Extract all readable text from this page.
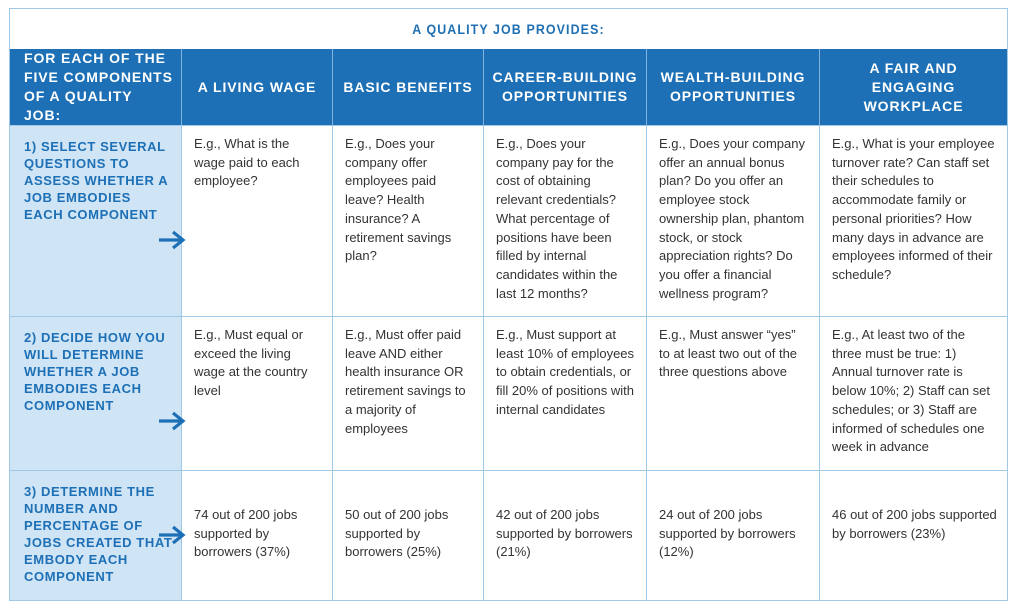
A QUALITY JOB PROVIDES:
FOR EACH OF THE FIVE COMPONENTS OF A QUALITY JOB:
A LIVING WAGE	BASIC BENEFITS
CAREER-BUILDING OPPORTUNITIES
WEALTH-BUILDING OPPORTUNITIES
A FAIR AND ENGAGING WORKPLACE
1) SELECT SEVERAL QUESTIONS TO ASSESS WHETHER A JOB EMBODIES EACH COMPONENT
E.g., What is the wage paid to each employee?
E.g., Does your company offer employees paid leave? Health insurance? A retirement savings plan?
E.g., Does your company pay for the cost of obtaining relevant credentials? What percentage of positions have been filled by internal candidates within the last 12 months?
E.g., Does your company offer an annual bonus plan? Do you offer an employee stock ownership plan, phantom stock, or stock appreciation rights? Do you offer a financial wellness program?
E.g., What is your employee turnover rate? Can staff set their schedules to accommodate family or personal priorities? How many days in advance are employees informed of their schedule?
2) DECIDE HOW YOU WILL DETERMINE WHETHER A JOB EMBODIES EACH COMPONENT
E.g., Must equal or exceed the living wage at the country level
E.g., Must offer paid leave AND either health insurance OR retirement savings to a majority of employees
E.g., Must support at least 10% of employees to obtain credentials, or fill 20% of positions with internal candidates
E.g., Must answer “yes” to at least two out of the three questions above
E.g., At least two of the three must be true: 1) Annual turnover rate is below 10%; 2) Staff can set schedules; or 3) Staff are informed of schedules one week in advance
3) DETERMINE THE NUMBER AND PERCENTAGE OF JOBS CREATED THAT EMBODY EACH COMPONENT
74 out of 200 jobs supported by borrowers (37%)
50 out of 200 jobs supported by borrowers (25%)
42 out of 200 jobs supported by borrowers (21%)
24 out of 200 jobs supported by borrowers (12%)
46 out of 200 jobs supported by borrowers (23%)
